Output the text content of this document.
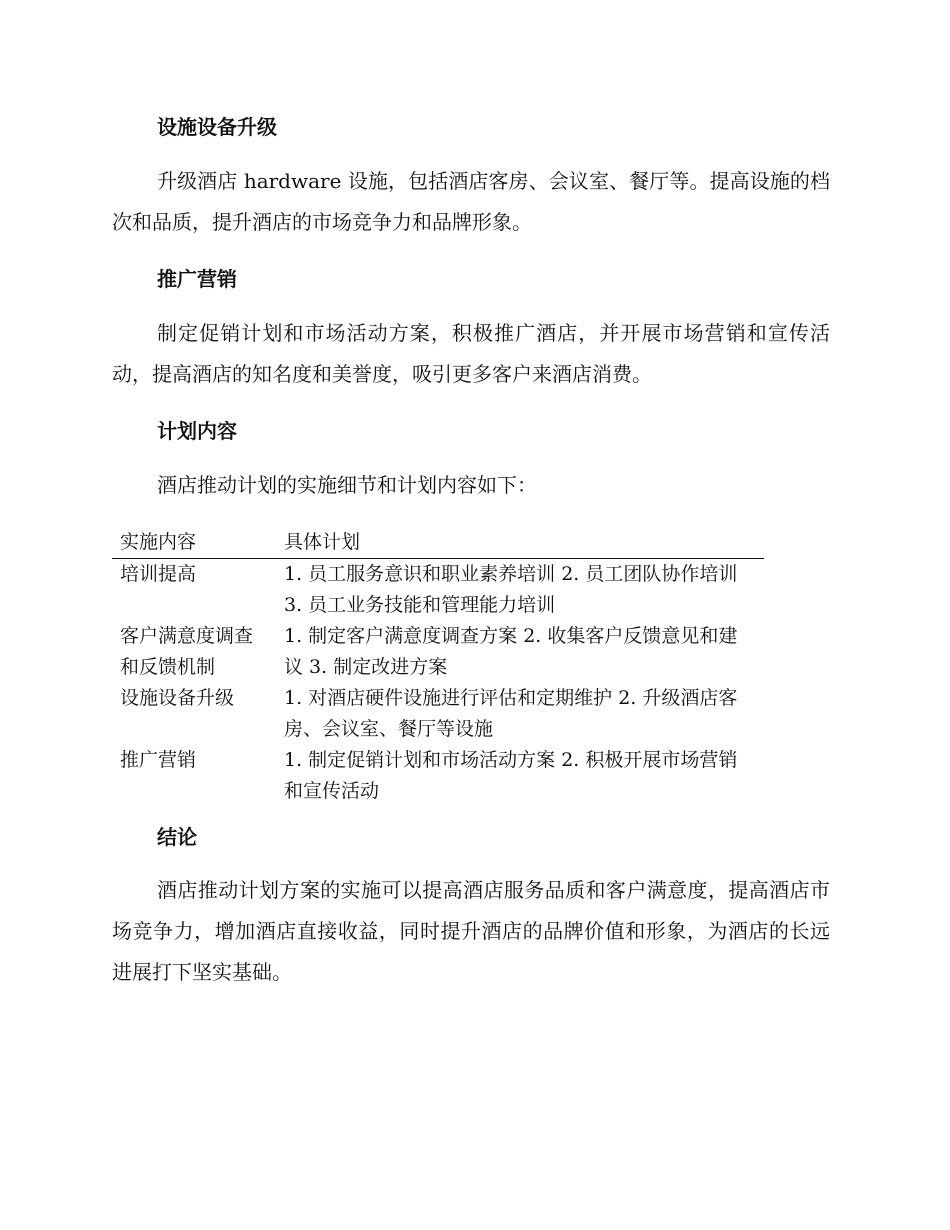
设施设备升级

升级酒店 hardware 设施，包括酒店客房、会议室、餐厅等。提高设施的档次和品质，提升酒店的市场竞争力和品牌形象。

推广营销

制定促销计划和市场活动方案，积极推广酒店，并开展市场营销和宣传活动，提高酒店的知名度和美誉度，吸引更多客户来酒店消费。

计划内容

酒店推动计划的实施细节和计划内容如下：

实施内容	具体计划
培训提高	1. 员工服务意识和职业素养培训 2. 员工团队协作培训 3. 员工业务技能和管理能力培训
客户满意度调查和反馈机制	1. 制定客户满意度调查方案 2. 收集客户反馈意见和建议 3. 制定改进方案
设施设备升级	1. 对酒店硬件设施进行评估和定期维护 2. 升级酒店客房、会议室、餐厅等设施
推广营销	1. 制定促销计划和市场活动方案 2. 积极开展市场营销和宣传活动
结论

酒店推动计划方案的实施可以提高酒店服务品质和客户满意度，提高酒店市场竞争力，增加酒店直接收益，同时提升酒店的品牌价值和形象，为酒店的长远进展打下坚实基础。
